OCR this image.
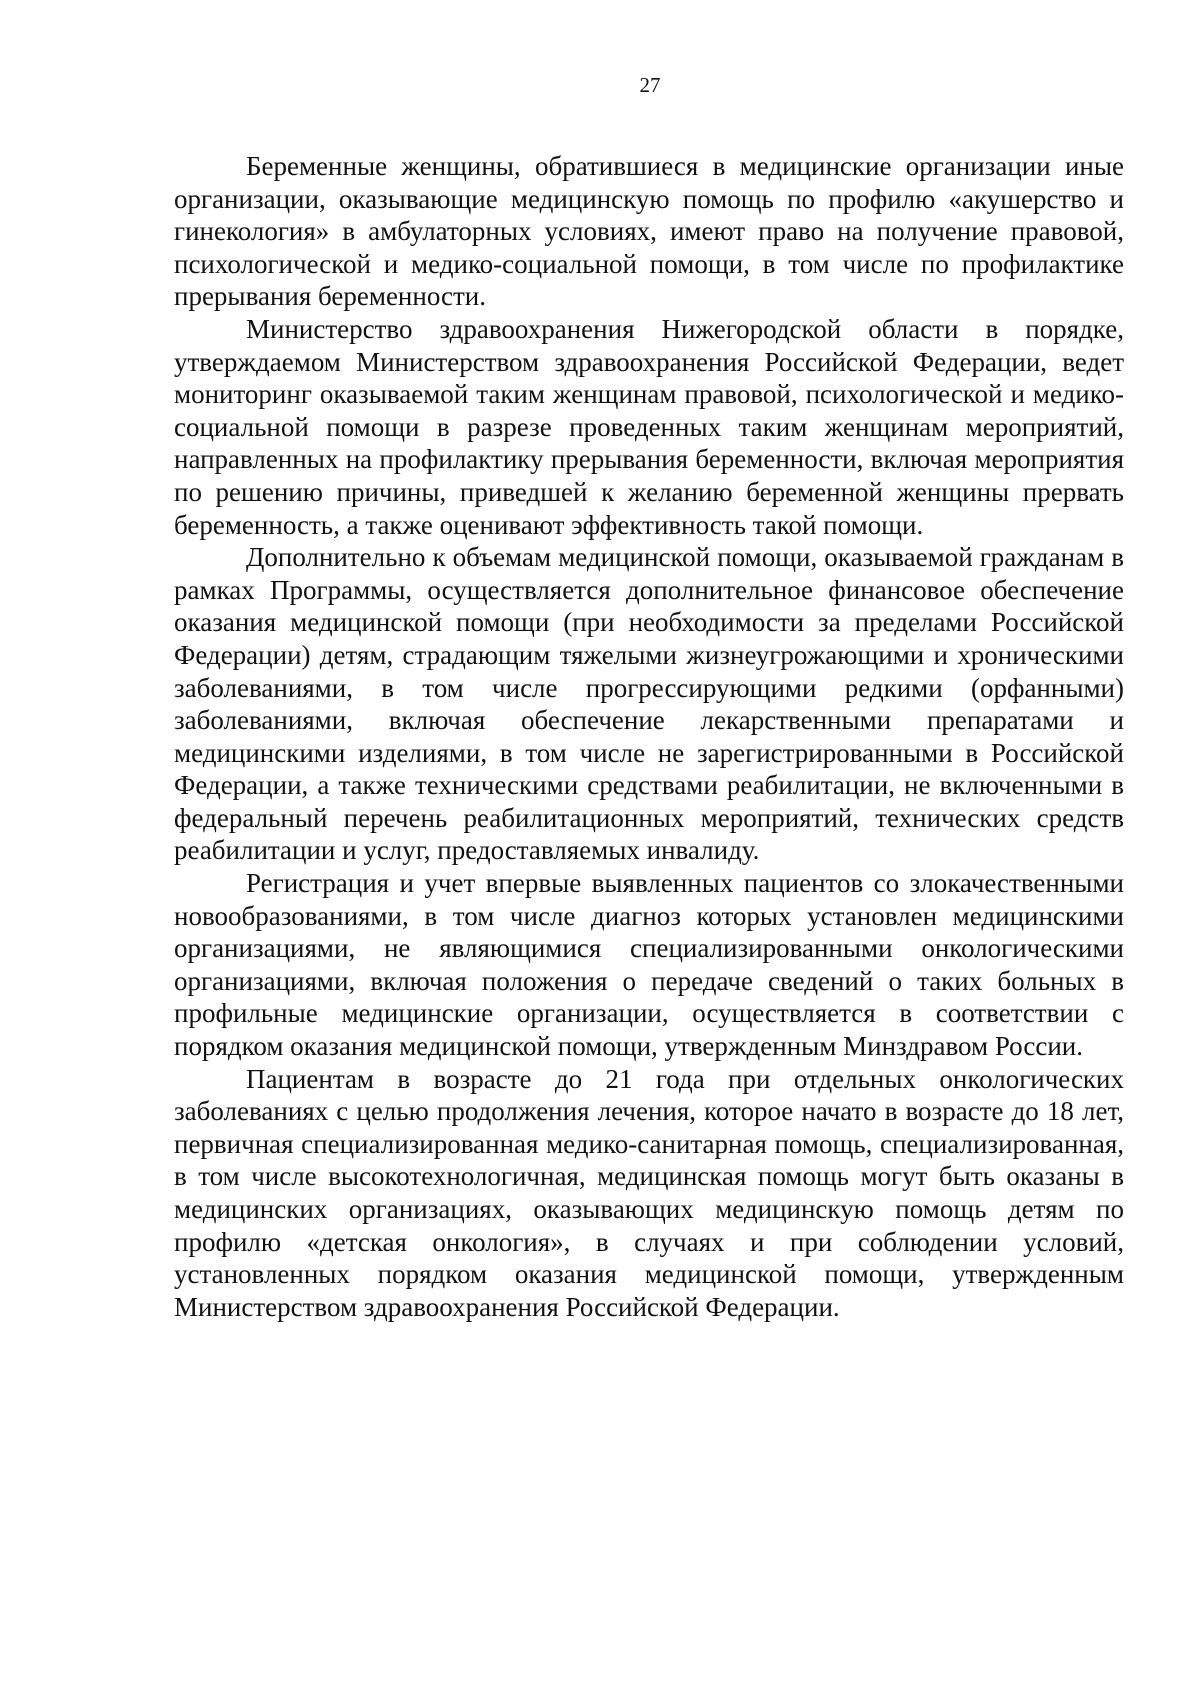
27

Беременные женщины, обратившиеся в медицинские организации иные организации, оказывающие медицинскую помощь по профилю «акушерство и гинекология» в амбулаторных условиях, имеют право на получение правовой, психологической и медико-социальной помощи, в том числе по профилактике прерывания беременности.

Министерство здравоохранения Нижегородской области в порядке, утверждаемом Министерством здравоохранения Российской Федерации, ведет мониторинг оказываемой таким женщинам правовой, психологической и медико-социальной помощи в разрезе проведенных таким женщинам мероприятий, направленных на профилактику прерывания беременности, включая мероприятия по решению причины, приведшей к желанию беременной женщины прервать беременность, а также оценивают эффективность такой помощи.

Дополнительно к объемам медицинской помощи, оказываемой гражданам в рамках Программы, осуществляется дополнительное финансовое обеспечение оказания медицинской помощи (при необходимости за пределами Российской Федерации) детям, страдающим тяжелыми жизнеугрожающими и хроническими заболеваниями, в том числе прогрессирующими редкими (орфанными) заболеваниями, включая обеспечение лекарственными препаратами и медицинскими изделиями, в том числе не зарегистрированными в Российской Федерации, а также техническими средствами реабилитации, не включенными в федеральный перечень реабилитационных мероприятий, технических средств реабилитации и услуг, предоставляемых инвалиду.

Регистрация и учет впервые выявленных пациентов со злокачественными новообразованиями, в том числе диагноз которых установлен медицинскими организациями, не являющимися специализированными онкологическими организациями, включая положения о передаче сведений о таких больных в профильные медицинские организации, осуществляется в соответствии с порядком оказания медицинской помощи, утвержденным Минздравом России.

Пациентам в возрасте до 21 года при отдельных онкологических заболеваниях с целью продолжения лечения, которое начато в возрасте до 18 лет, первичная специализированная медико-санитарная помощь, специализированная, в том числе высокотехнологичная, медицинская помощь могут быть оказаны в медицинских организациях, оказывающих медицинскую помощь детям по профилю «детская онкология», в случаях и при соблюдении условий, установленных порядком оказания медицинской помощи, утвержденным Министерством здравоохранения Российской Федерации.
